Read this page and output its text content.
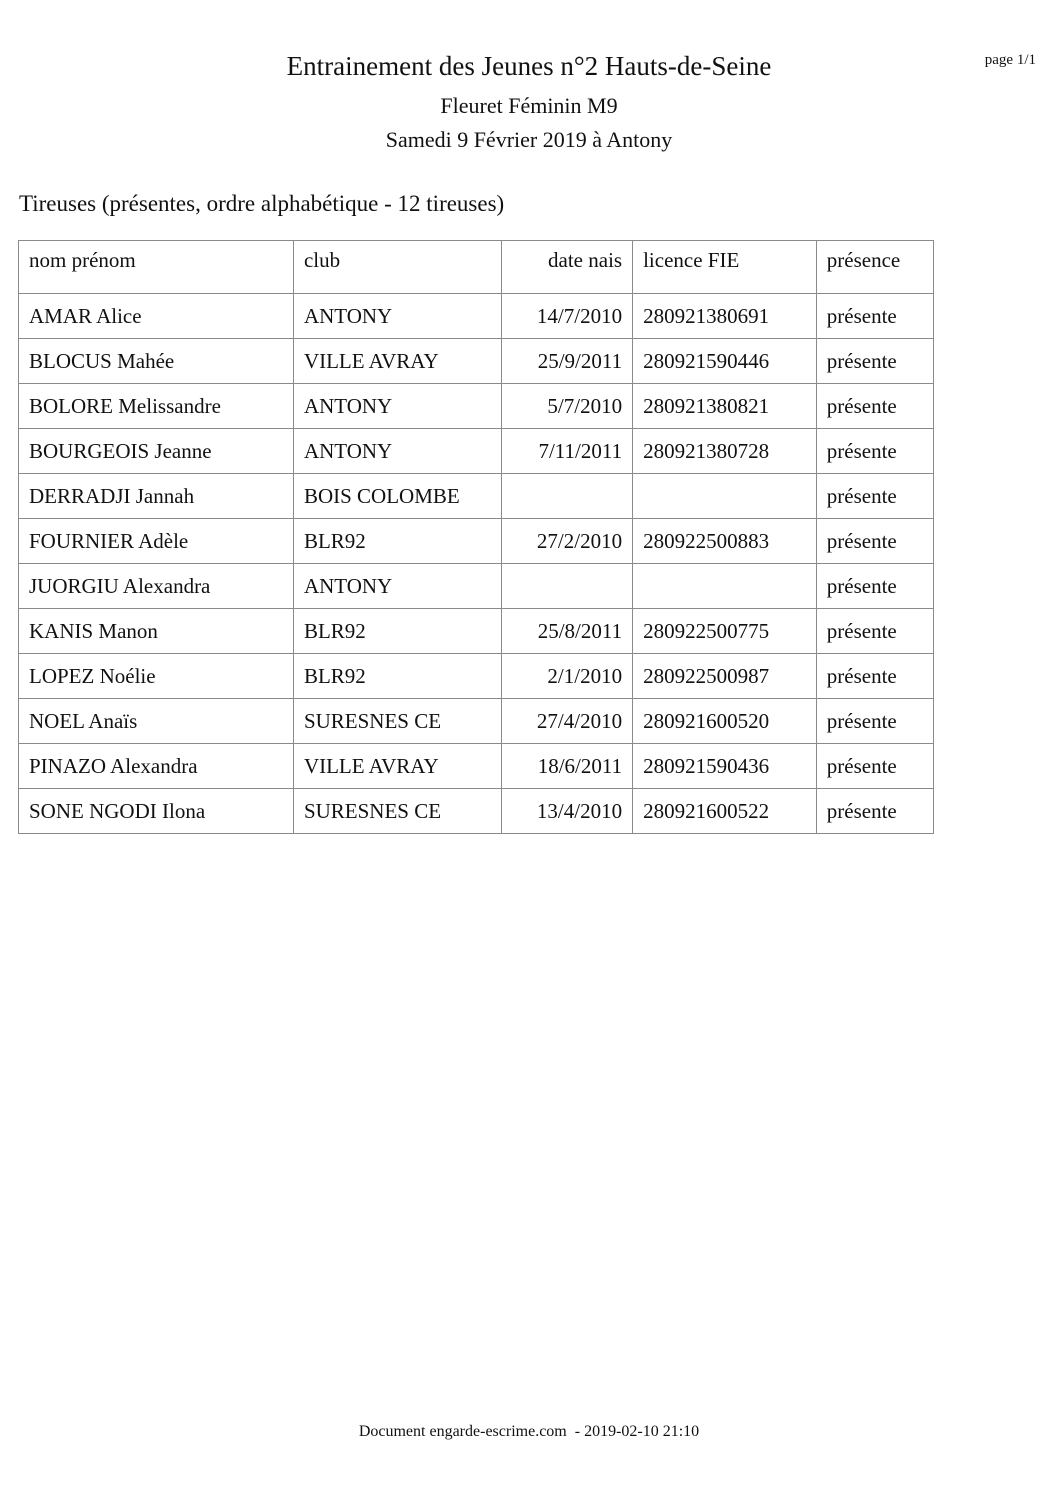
page 1/1
Entrainement des Jeunes n°2 Hauts-de-Seine
Fleuret Féminin M9
Samedi 9 Février 2019 à Antony
Tireuses (présentes, ordre alphabétique - 12 tireuses)
nom prénom	club	date nais	licence FIE	présence
AMAR Alice	ANTONY	14/7/2010	280921380691	présente
BLOCUS Mahée	VILLE AVRAY	25/9/2011	280921590446	présente
BOLORE Melissandre	ANTONY	5/7/2010	280921380821	présente
BOURGEOIS Jeanne	ANTONY	7/11/2011	280921380728	présente
DERRADJI Jannah	BOIS COLOMBE			présente
FOURNIER Adèle	BLR92	27/2/2010	280922500883	présente
JUORGIU Alexandra	ANTONY			présente
KANIS Manon	BLR92	25/8/2011	280922500775	présente
LOPEZ Noélie	BLR92	2/1/2010	280922500987	présente
NOEL Anaïs	SURESNES CE	27/4/2010	280921600520	présente
PINAZO Alexandra	VILLE AVRAY	18/6/2011	280921590436	présente
SONE NGODI Ilona	SURESNES CE	13/4/2010	280921600522	présente
Document engarde-escrime.com  - 2019-02-10 21:10
